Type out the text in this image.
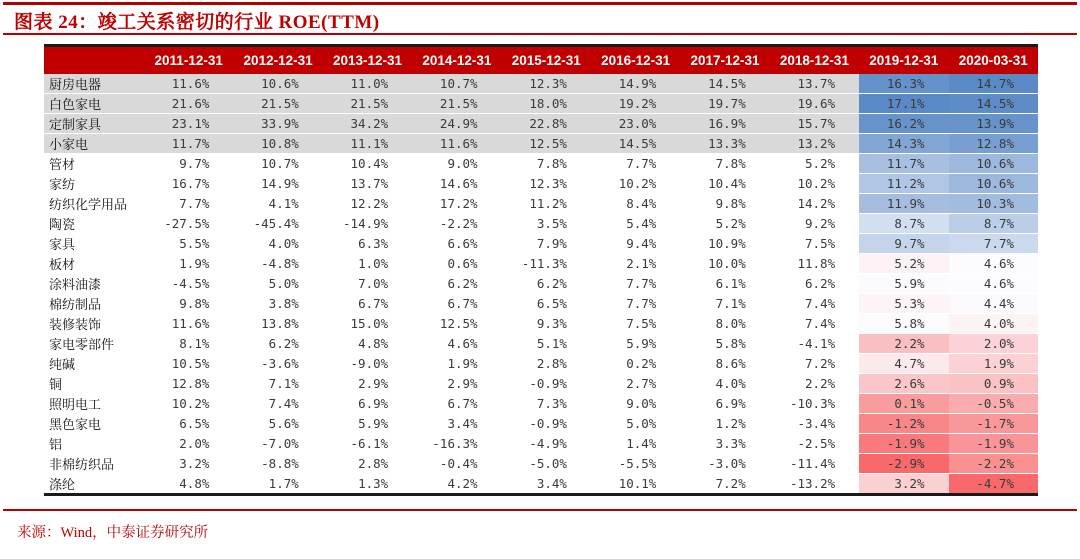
图表 24：竣工关系密切的行业 ROE(TTM)
	2011-12-31	2012-12-31	2013-12-31	2014-12-31	2015-12-31	2016-12-31	2017-12-31	2018-12-31	2019-12-31	2020-03-31
厨房电器	11.6%	10.6%	11.0%	10.7%	12.3%	14.9%	14.5%	13.7%	16.3%	14.7%
白色家电	21.6%	21.5%	21.5%	21.5%	18.0%	19.2%	19.7%	19.6%	17.1%	14.5%
定制家具	23.1%	33.9%	34.2%	24.9%	22.8%	23.0%	16.9%	15.7%	16.2%	13.9%
小家电	11.7%	10.8%	11.1%	11.6%	12.5%	14.5%	13.3%	13.2%	14.3%	12.8%
管材	9.7%	10.7%	10.4%	9.0%	7.8%	7.7%	7.8%	5.2%	11.7%	10.6%
家纺	16.7%	14.9%	13.7%	14.6%	12.3%	10.2%	10.4%	10.2%	11.2%	10.6%
纺织化学用品	7.7%	4.1%	12.2%	17.2%	11.2%	8.4%	9.8%	14.2%	11.9%	10.3%
陶瓷	-27.5%	-45.4%	-14.9%	-2.2%	3.5%	5.4%	5.2%	9.2%	8.7%	8.7%
家具	5.5%	4.0%	6.3%	6.6%	7.9%	9.4%	10.9%	7.5%	9.7%	7.7%
板材	1.9%	-4.8%	1.0%	0.6%	-11.3%	2.1%	10.0%	11.8%	5.2%	4.6%
涂料油漆	-4.5%	5.0%	7.0%	6.2%	6.2%	7.7%	6.1%	6.2%	5.9%	4.6%
棉纺制品	9.8%	3.8%	6.7%	6.7%	6.5%	7.7%	7.1%	7.4%	5.3%	4.4%
装修装饰	11.6%	13.8%	15.0%	12.5%	9.3%	7.5%	8.0%	7.4%	5.8%	4.0%
家电零部件	8.1%	6.2%	4.8%	4.6%	5.1%	5.9%	5.8%	-4.1%	2.2%	2.0%
纯碱	10.5%	-3.6%	-9.0%	1.9%	2.8%	0.2%	8.6%	7.2%	4.7%	1.9%
铜	12.8%	7.1%	2.9%	2.9%	-0.9%	2.7%	4.0%	2.2%	2.6%	0.9%
照明电工	10.2%	7.4%	6.9%	6.7%	7.3%	9.0%	6.9%	-10.3%	0.1%	-0.5%
黑色家电	6.5%	5.6%	5.9%	3.4%	-0.9%	5.0%	1.2%	-3.4%	-1.2%	-1.7%
铝	2.0%	-7.0%	-6.1%	-16.3%	-4.9%	1.4%	3.3%	-2.5%	-1.9%	-1.9%
非棉纺织品	3.2%	-8.8%	2.8%	-0.4%	-5.0%	-5.5%	-3.0%	-11.4%	-2.9%	-2.2%
涤纶	4.8%	1.7%	1.3%	4.2%	3.4%	10.1%	7.2%	-13.2%	3.2%	-4.7%
来源：Wind，中泰证券研究所
